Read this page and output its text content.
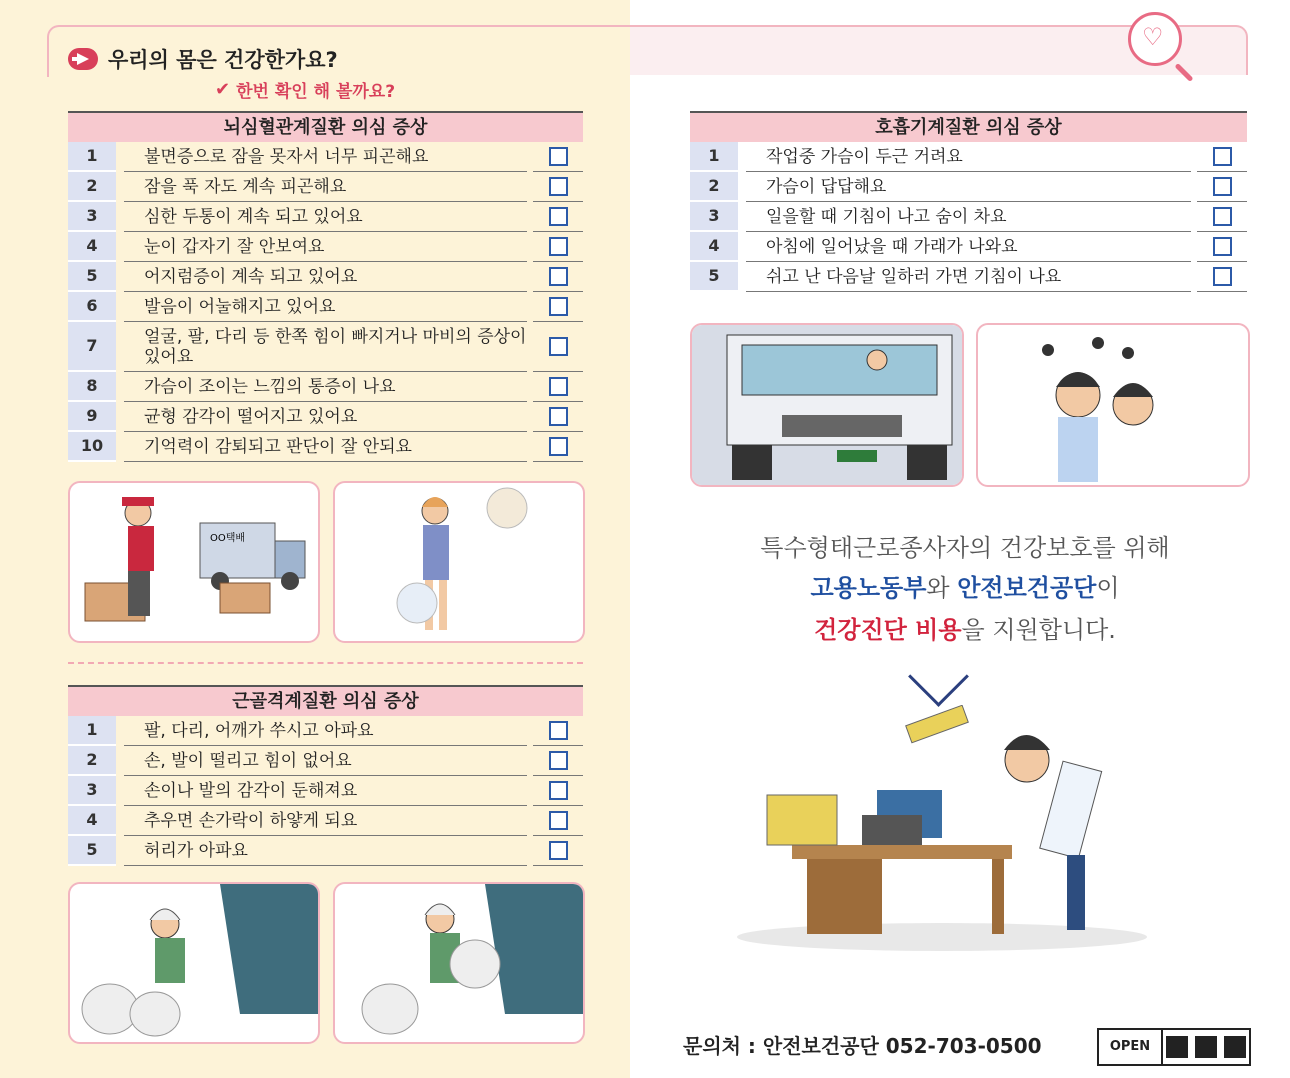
우리의 몸은 건강한가요?
✔ 한번 확인 해 볼까요?
♡
뇌심혈관계질환 의심 증상
1	불면증으로 잠을 못자서 너무 피곤해요
2	잠을 푹 자도 계속 피곤해요
3	심한 두통이 계속 되고 있어요
4	눈이 갑자기 잘 안보여요
5	어지럼증이 계속 되고 있어요
6	발음이 어눌해지고 있어요
7	얼굴, 팔, 다리 등 한쪽 힘이 빠지거나 마비의 증상이 있어요
8	가슴이 조이는 느낌의 통증이 나요
9	균형 감각이 떨어지고 있어요
10	기억력이 감퇴되고 판단이 잘 안되요
호흡기계질환 의심 증상
1	작업중 가슴이 두근 거려요
2	가슴이 답답해요
3	일을할 때 기침이 나고 숨이 차요
4	아침에 일어났을 때 가래가 나와요
5	쉬고 난 다음날 일하러 가면 기침이 나요
근골격계질환 의심 증상
1	팔, 다리, 어깨가 쑤시고 아파요
2	손, 발이 떨리고 힘이 없어요
3	손이나 발의 감각이 둔해져요
4	추우면 손가락이 하얗게 되요
5	허리가 아파요
OO택배	특수형태근로종사자의 건강보호를 위해
고용노동부와 안전보건공단이
건강진단 비용을 지원합니다.
문의처 : 안전보건공단 052-703-0500	OPEN
